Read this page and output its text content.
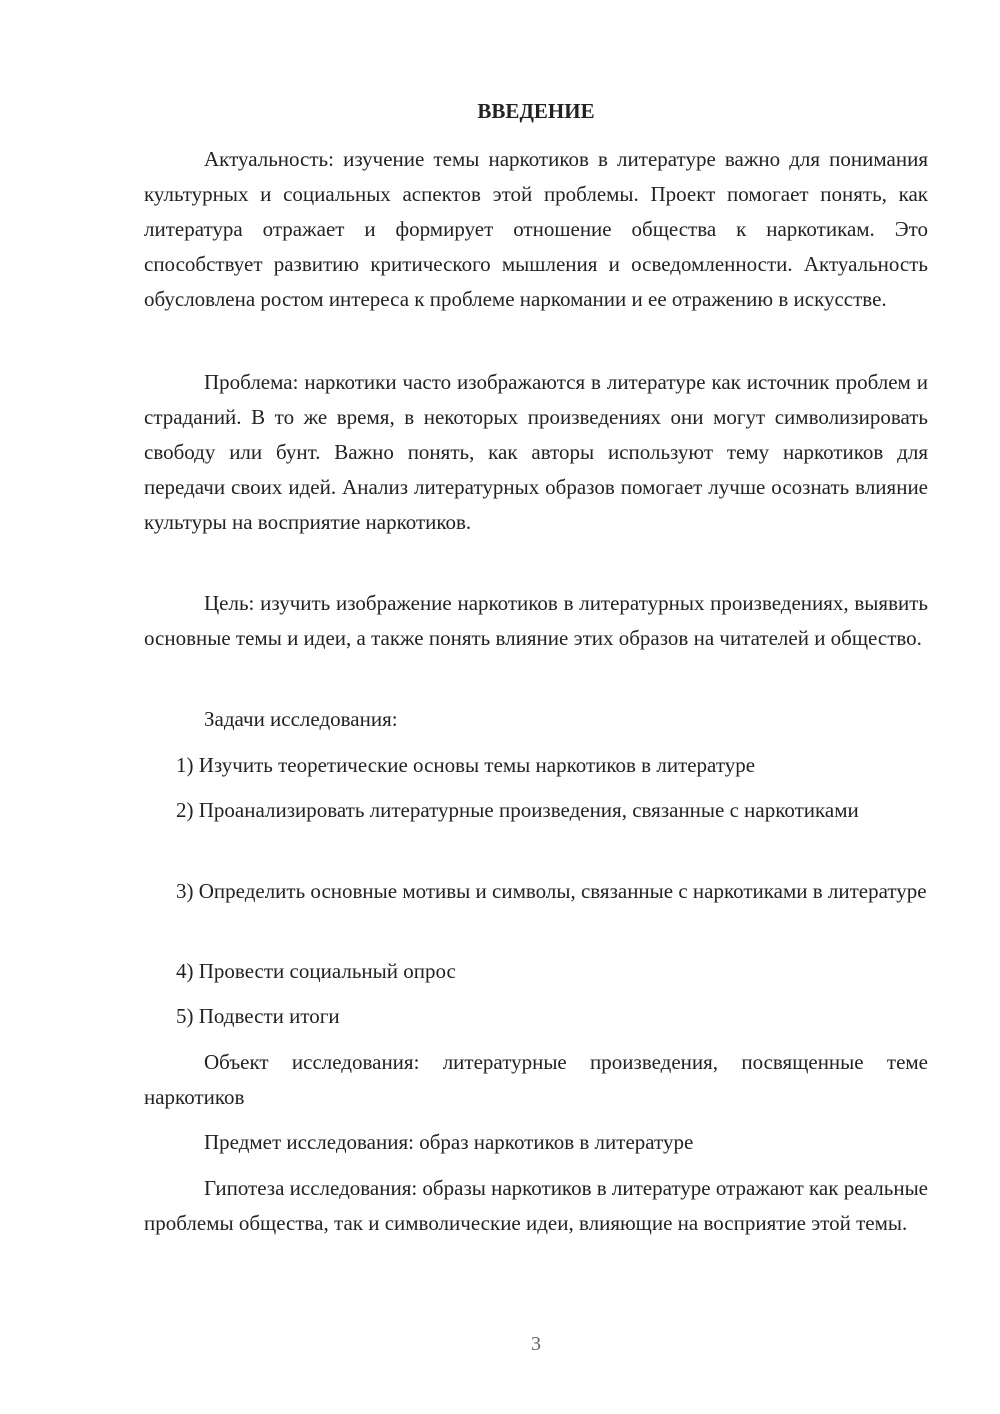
ВВЕДЕНИЕ

Актуальность: изучение темы наркотиков в литературе важно для понимания культурных и социальных аспектов этой проблемы. Проект помогает понять, как литература отражает и формирует отношение общества к наркотикам. Это способствует развитию критического мышления и осведомленности. Актуальность обусловлена ростом интереса к проблеме наркомании и ее отражению в искусстве.

Проблема: наркотики часто изображаются в литературе как источник проблем и страданий. В то же время, в некоторых произведениях они могут символизировать свободу или бунт. Важно понять, как авторы используют тему наркотиков для передачи своих идей. Анализ литературных образов помогает лучше осознать влияние культуры на восприятие наркотиков.

Цель: изучить изображение наркотиков в литературных произведениях, выявить основные темы и идеи, а также понять влияние этих образов на читателей и общество.

Задачи исследования:

1) Изучить теоретические основы темы наркотиков в литературе

2) Проанализировать литературные произведения, связанные с наркотиками

3) Определить основные мотивы и символы, связанные с наркотиками в литературе

4) Провести социальный опрос

5) Подвести итоги

Объект исследования: литературные произведения, посвященные теме наркотиков

Предмет исследования: образ наркотиков в литературе

Гипотеза исследования: образы наркотиков в литературе отражают как реальные проблемы общества, так и символические идеи, влияющие на восприятие этой темы.

3
